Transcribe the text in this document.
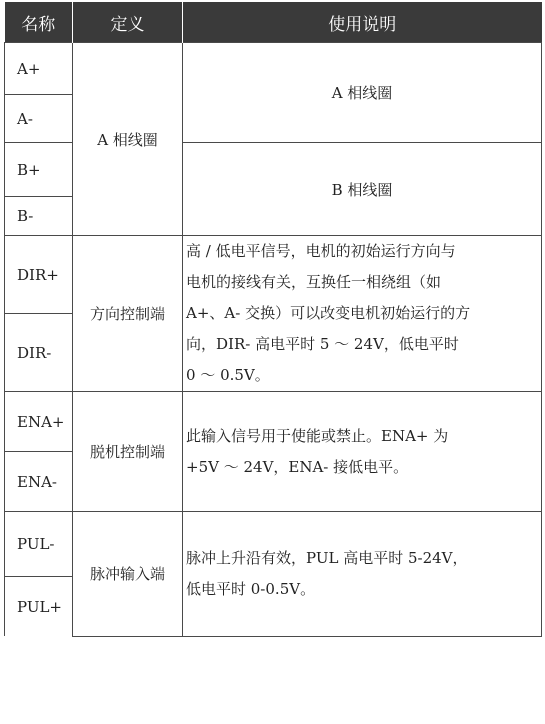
名称	定义	使用说明
A+	A 相线圈	A 相线圈
A-		
B+		B 相线圈
B-		
DIR+	方向控制端	高 / 低电平信号，电机的初始运行方向与
电机的接线有关，互换任一相绕组（如
A+、A- 交换）可以改变电机初始运行的方
向，DIR- 高电平时 5 ～ 24V，低电平时
0 ～ 0.5V。

DIR-		
ENA+	脱机控制端	此输入信号用于使能或禁止。ENA+ 为
+5V ～ 24V，ENA- 接低电平。

ENA-		
PUL-	脉冲输入端	脉冲上升沿有效，PUL 高电平时 5-24V，
低电平时 0-0.5V。

PUL+		
